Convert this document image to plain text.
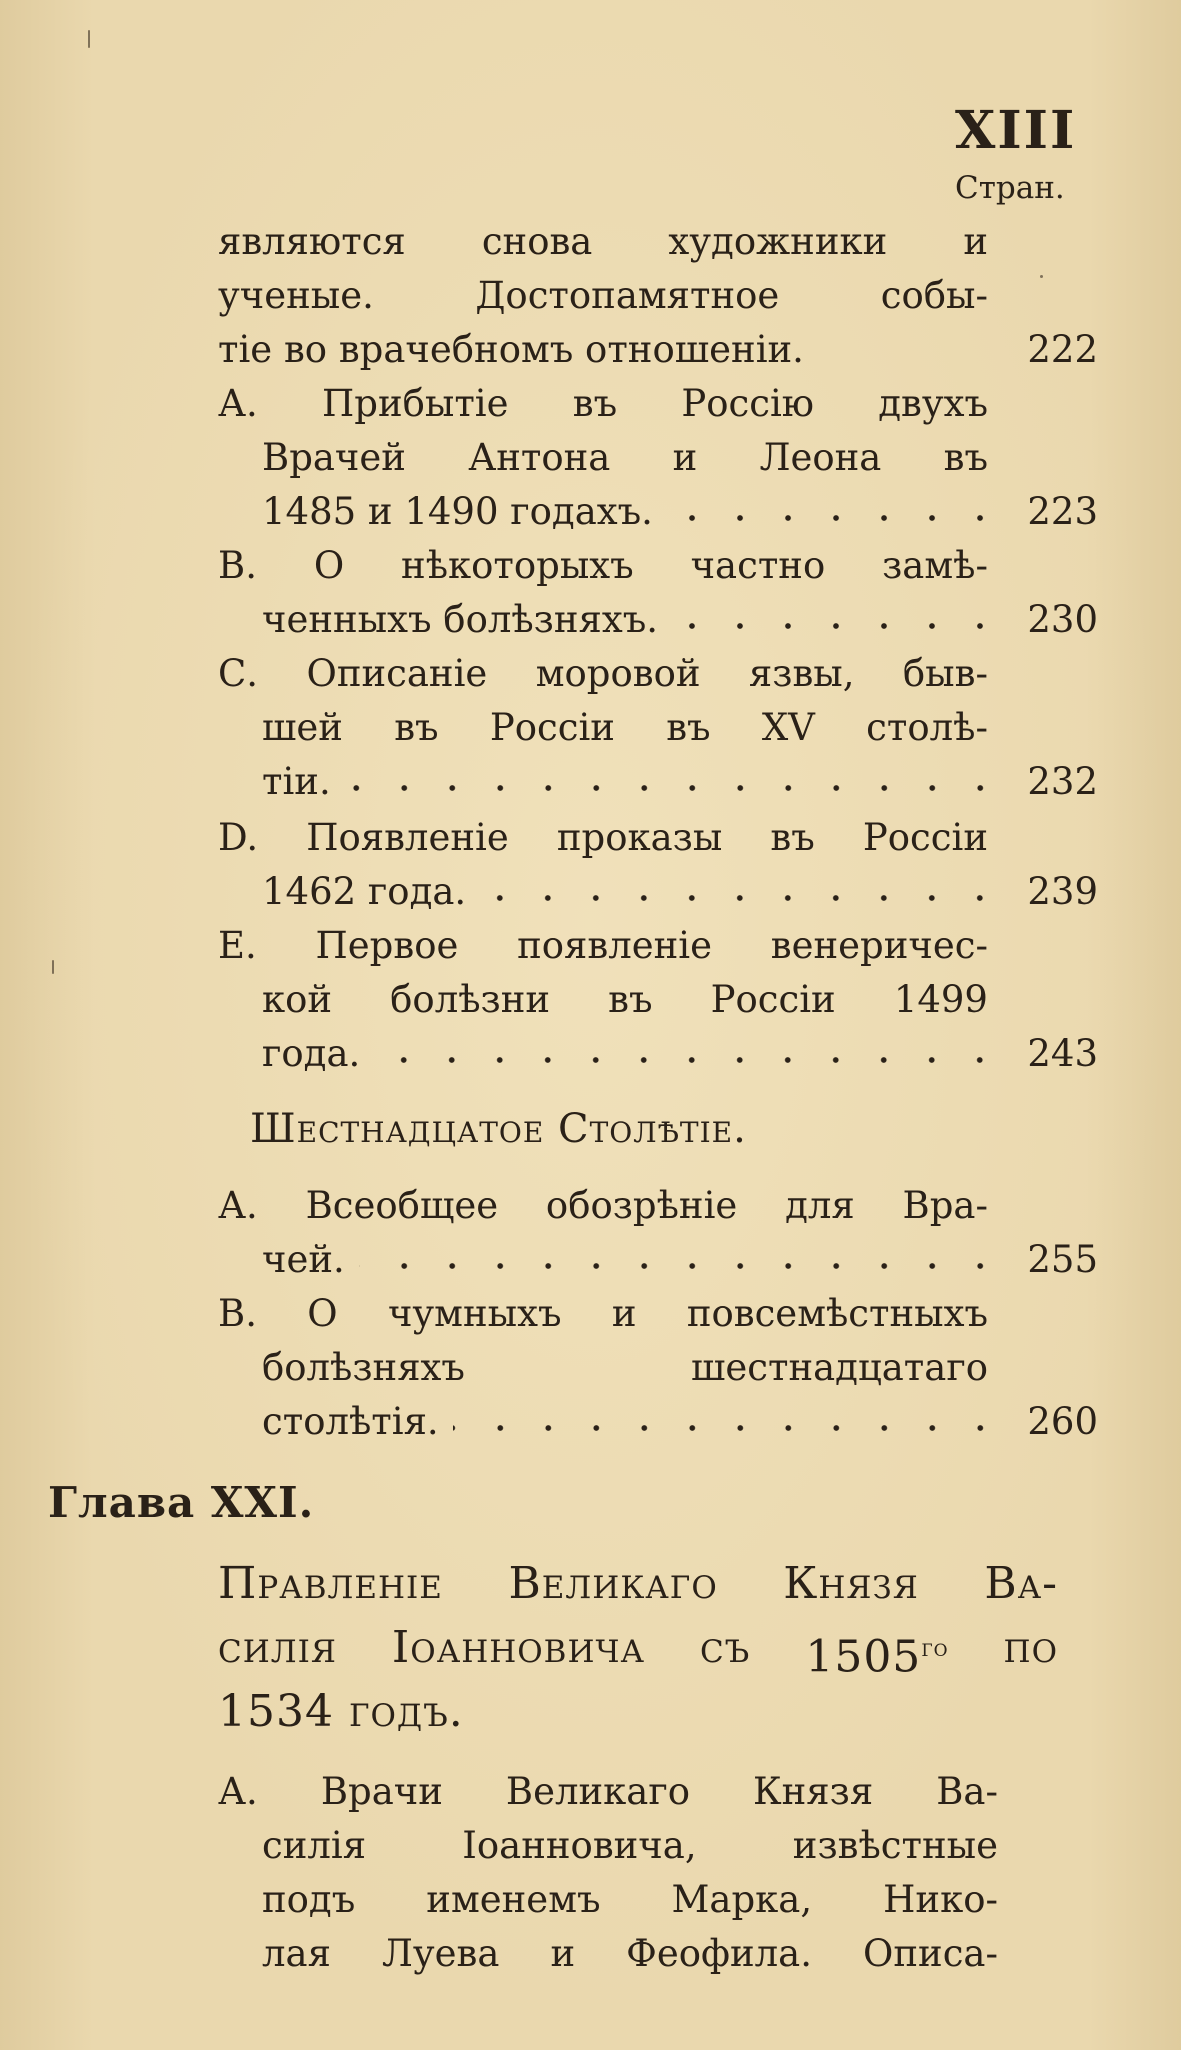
XIII
Стран.
являются снова художники и
ученые.	Достопамятное	собы-
тіе во врачебномъ отношеніи.	222
А. Прибытіе въ Россію двухъ
Врачей Антона и Леона въ
1485 и 1490 годахъ.	223
В. О нѣкоторыхъ частно замѣ-
ченныхъ болѣзняхъ.	230
С. Описаніе моровой язвы, быв-
шей въ Россіи въ XV столѣ-
тіи.	232
D. Появленіе проказы въ Россіи
1462 года.	239
Е. Первое появленіе венеричес-
кой болѣзни въ Россіи 1499
года.	243
Шестнадцатое Столѣтіе.
А. Всеобщее обозрѣніе для Вра-
чей.	255
В. О чумныхъ и повсемѣстныхъ
болѣзняхъ	шестнадцатаго
столѣтія.	260
Глава XXI.
Правленіе Великаго Князя Ва-
силія Іоанновича съ $1505^{го}$ по
1534 годъ.
А. Врачи Великаго Князя Ва-
силія	Іоанновича,	извѣстные
подъ именемъ Марка, Нико-
лая Луева и Феофила. Описа-
